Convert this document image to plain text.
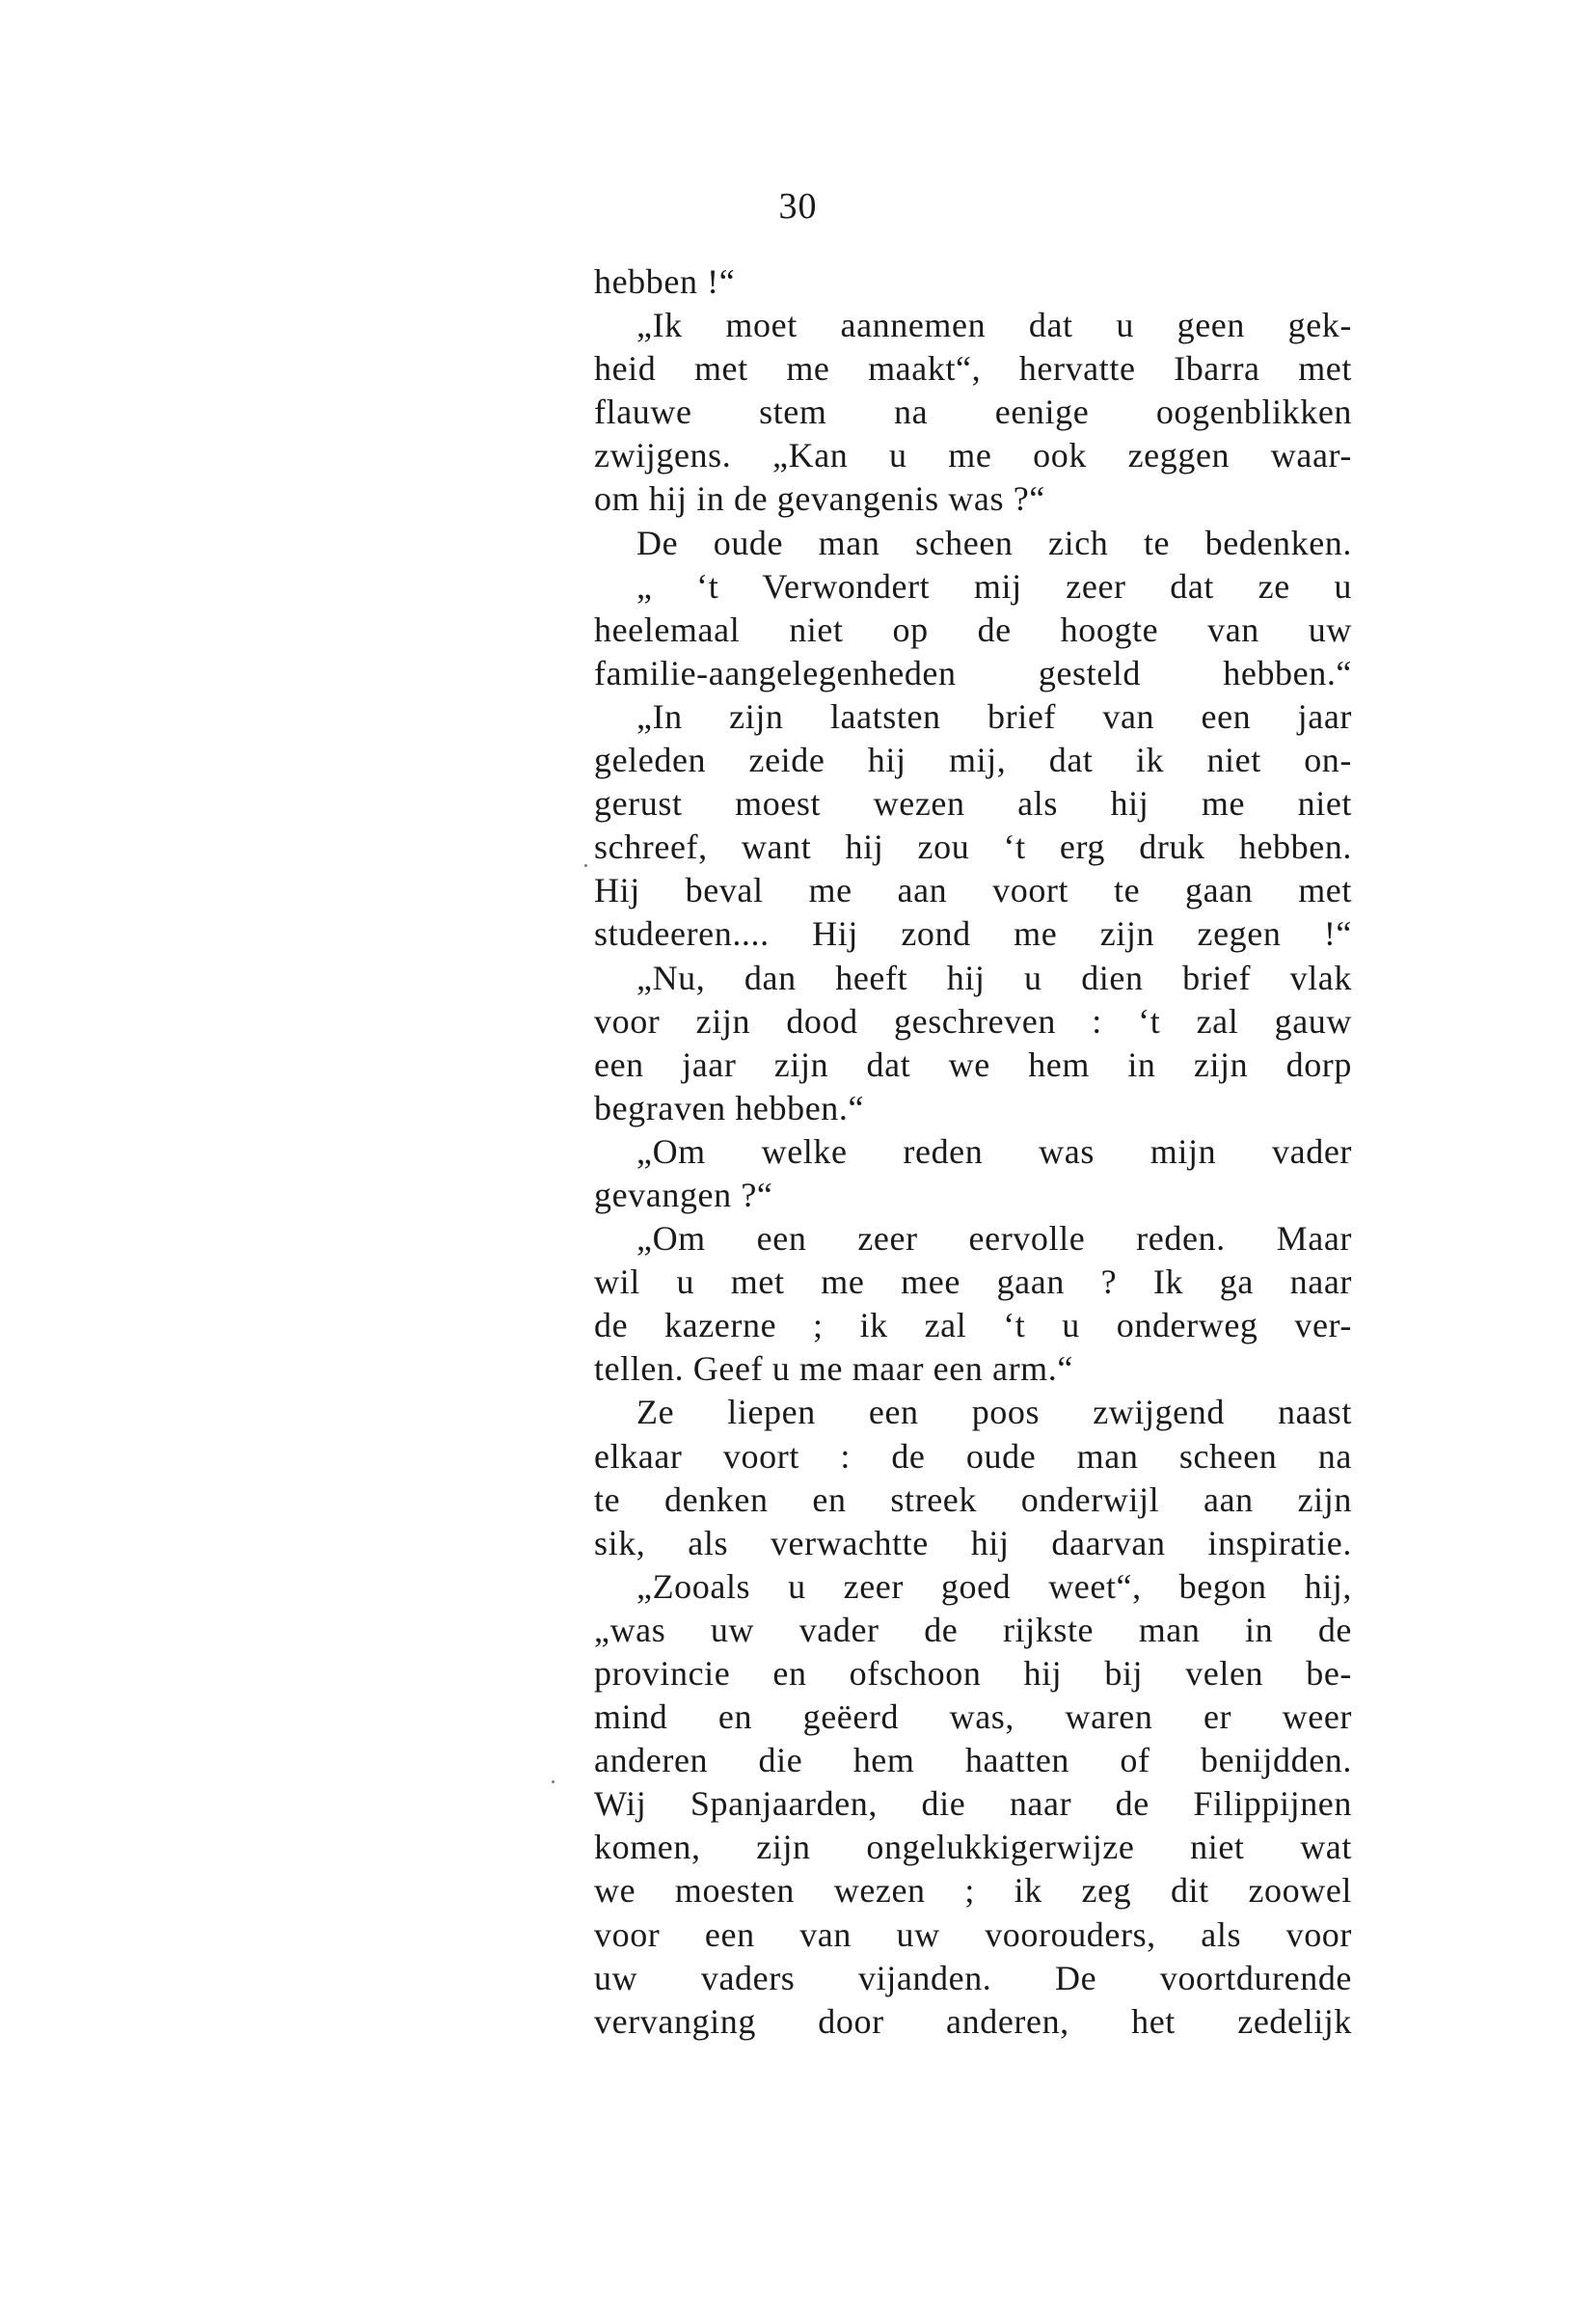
30
hebben !“
„Ik moet aannemen dat u geen gek-
heid met me maakt“, hervatte Ibarra met
flauwe stem na eenige oogenblikken
zwijgens. „Kan u me ook zeggen waar-
om hij in de gevangenis was ?“
De oude man scheen zich te bedenken.
„ ‘t Verwondert mij zeer dat ze u
heelemaal niet op de hoogte van uw
familie-aangelegenheden gesteld hebben.“
„In zijn laatsten brief van een jaar
geleden zeide hij mij, dat ik niet on-
gerust moest wezen als hij me niet
schreef, want hij zou ‘t erg druk hebben.
Hij beval me aan voort te gaan met
studeeren.... Hij zond me zijn zegen !“
„Nu, dan heeft hij u dien brief vlak
voor zijn dood geschreven : ‘t zal gauw
een jaar zijn dat we hem in zijn dorp
begraven hebben.“
„Om welke reden was mijn vader
gevangen ?“
„Om een zeer eervolle reden. Maar
wil u met me mee gaan ? Ik ga naar
de kazerne ; ik zal ‘t u onderweg ver-
tellen. Geef u me maar een arm.“
Ze liepen een poos zwijgend naast
elkaar voort : de oude man scheen na
te denken en streek onderwijl aan zijn
sik, als verwachtte hij daarvan inspiratie.
„Zooals u zeer goed weet“, begon hij,
„was uw vader de rijkste man in de
provincie en ofschoon hij bij velen be-
mind en geëerd was, waren er weer
anderen die hem haatten of benijdden.
Wij Spanjaarden, die naar de Filippijnen
komen, zijn ongelukkigerwijze niet wat
we moesten wezen ; ik zeg dit zoowel
voor een van uw voorouders, als voor
uw vaders vijanden. De voortdurende
vervanging door anderen, het zedelijk
